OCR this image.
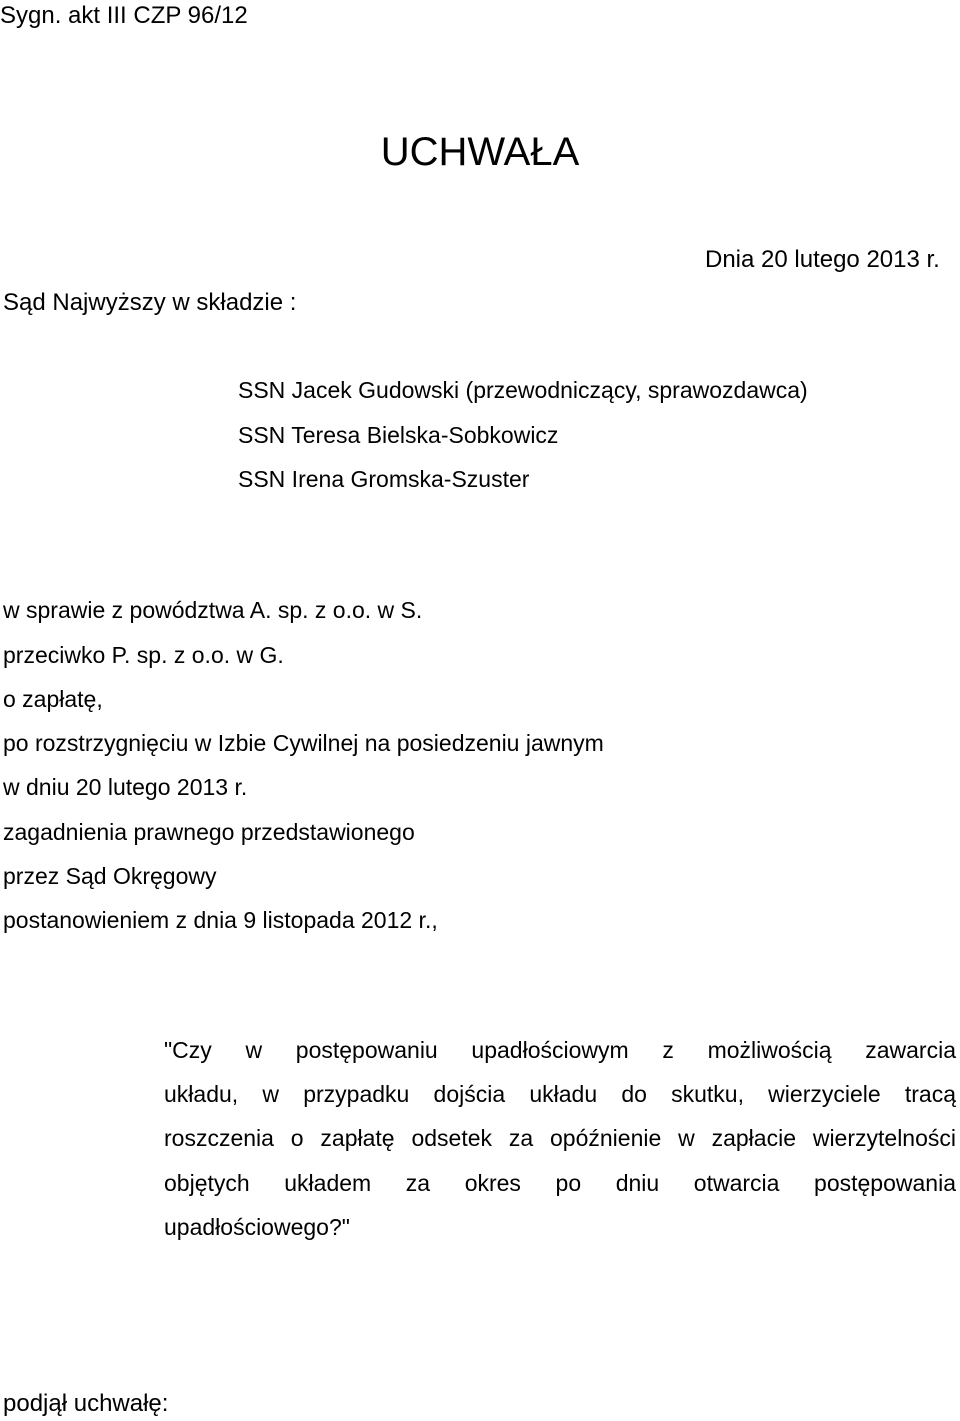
Sygn. akt III CZP 96/12
UCHWAŁA
Dnia 20 lutego 2013 r.
Sąd Najwyższy w składzie :
SSN Jacek Gudowski (przewodniczący, sprawozdawca)
SSN Teresa Bielska-Sobkowicz
SSN Irena Gromska-Szuster
w sprawie z powództwa A. sp. z o.o. w S.
przeciwko P. sp. z o.o. w G.
o zapłatę,
po rozstrzygnięciu w Izbie Cywilnej na posiedzeniu jawnym
w dniu 20 lutego 2013 r.
zagadnienia prawnego przedstawionego
przez Sąd Okręgowy
postanowieniem z dnia 9 listopada 2012 r.,
"Czy w postępowaniu upadłościowym z możliwością zawarcia
układu, w przypadku dojścia układu do skutku, wierzyciele tracą
roszczenia o zapłatę odsetek za opóźnienie w zapłacie wierzytelności
objętych układem za okres po dniu otwarcia postępowania
upadłościowego?"
podjął uchwałę:
